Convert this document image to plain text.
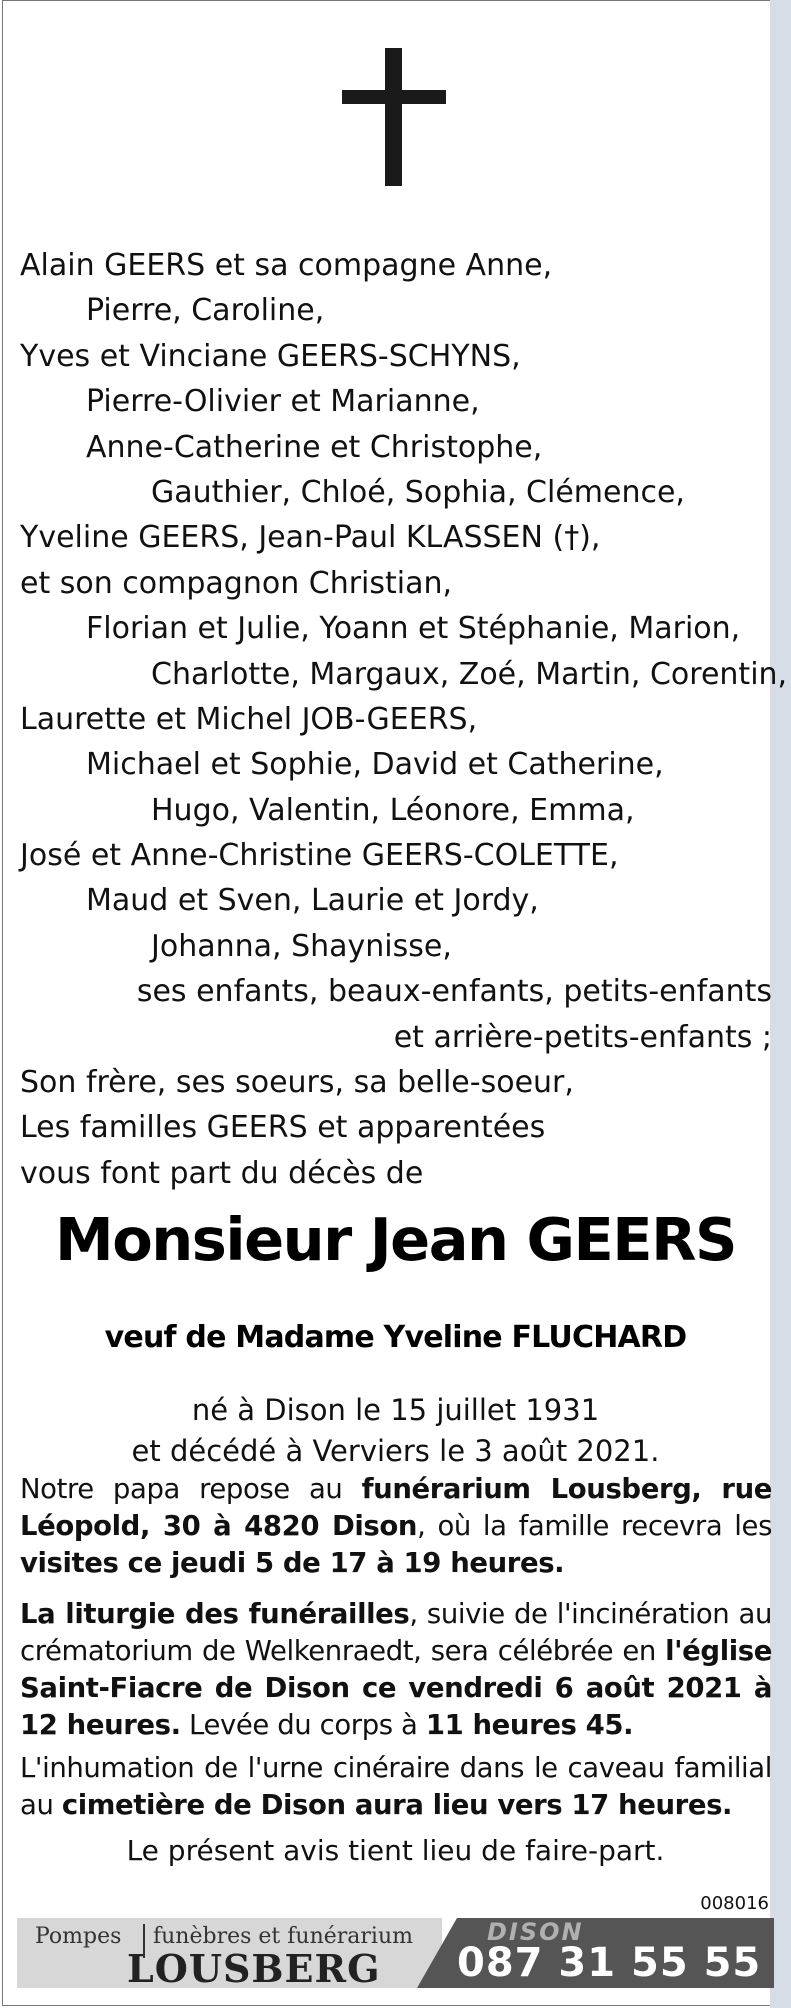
Alain GEERS et sa compagne Anne,
Pierre, Caroline,
Yves et Vinciane GEERS-SCHYNS,
Pierre-Olivier et Marianne,
Anne-Catherine et Christophe,
Gauthier, Chloé, Sophia, Clémence,
Yveline GEERS, Jean-Paul KLASSEN (†),
et son compagnon Christian,
Florian et Julie, Yoann et Stéphanie, Marion,
Charlotte, Margaux, Zoé, Martin, Corentin,
Laurette et Michel JOB-GEERS,
Michael et Sophie, David et Catherine,
Hugo, Valentin, Léonore, Emma,
José et Anne-Christine GEERS-COLETTE,
Maud et Sven, Laurie et Jordy,
Johanna, Shaynisse,
ses enfants, beaux-enfants, petits-enfants
et arrière-petits-enfants ;
Son frère, ses soeurs, sa belle-soeur,
Les familles GEERS et apparentées
vous font part du décès de
Monsieur Jean GEERS
veuf de Madame Yveline FLUCHARD
né à Dison le 15 juillet 1931
et décédé à Verviers le 3 août 2021.
Notre papa repose au funérarium Lousberg, rue Léopold, 30 à 4820 Dison, où la famille recevra les visites ce jeudi 5 de 17 à 19 heures.
La liturgie des funérailles, suivie de l'incinération au crématorium de Welkenraedt, sera célébrée en l'église Saint-Fiacre de Dison ce vendredi 6 août 2021 à 12 heures. Levée du corps à 11 heures 45.
L'inhumation de l'urne cinéraire dans le caveau familial au cimetière de Dison aura lieu vers 17 heures.
Le présent avis tient lieu de faire-part.
008016
Pompes funèbres et funérarium
LOUSBERG
DISON
087 31 55 55
